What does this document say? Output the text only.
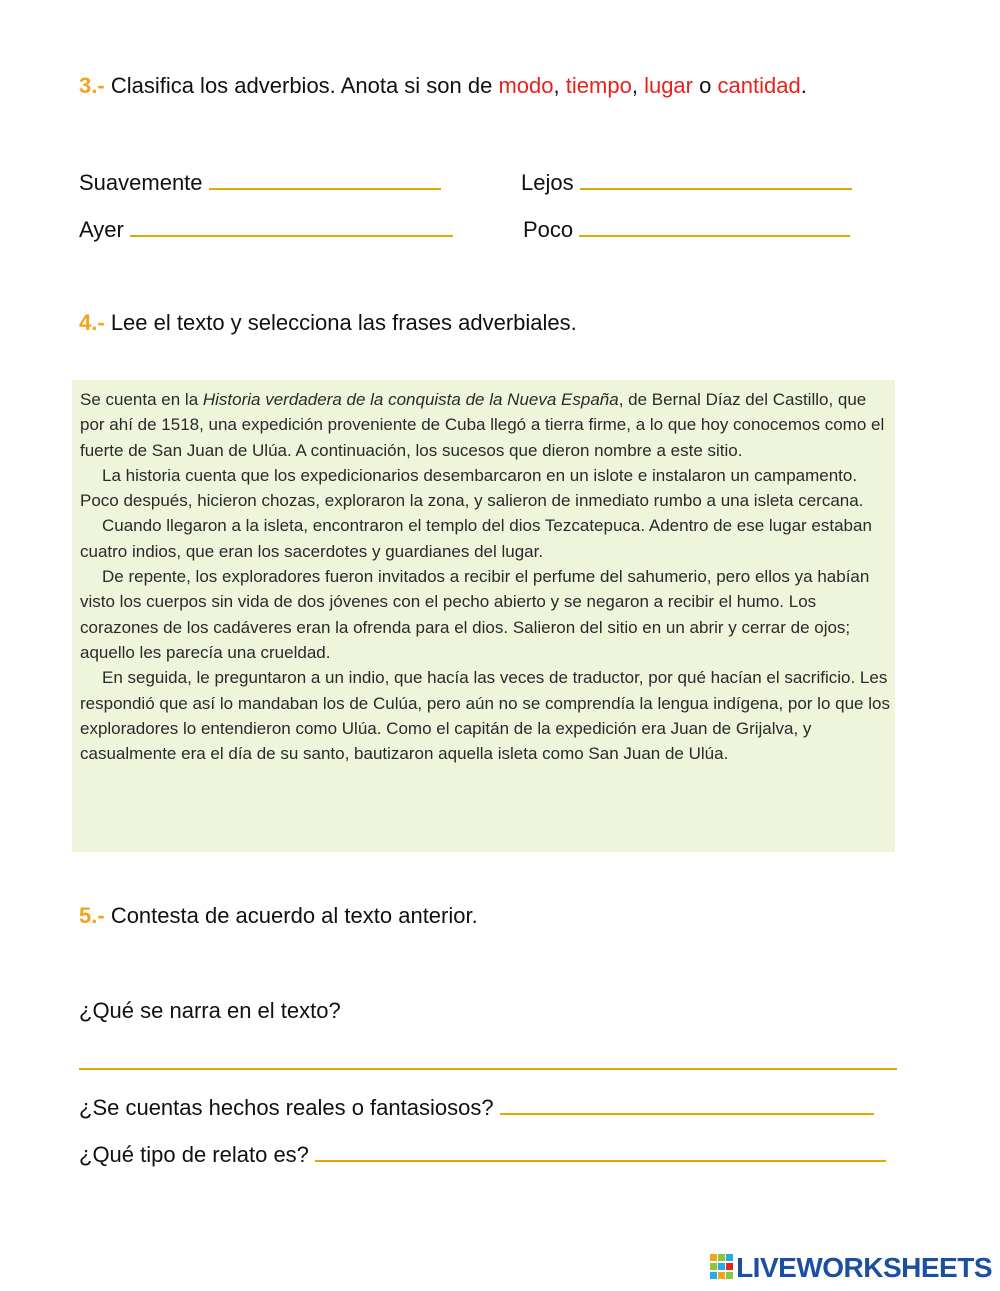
3.- Clasifica los adverbios. Anota si son de modo, tiempo, lugar o cantidad.
Suavemente	Lejos
Ayer	Poco
4.- Lee el texto y selecciona las frases adverbiales.

Se cuenta en la Historia verdadera de la conquista de la Nueva España, de Bernal Díaz del Castillo, que por ahí de 1518, una expedición proveniente de Cuba llegó a tierra firme, a lo que hoy conocemos como el fuerte de San Juan de Ulúa. A continuación, los sucesos que dieron nombre a este sitio.

La historia cuenta que los expedicionarios desembarcaron en un islote e instalaron un campamento. Poco después, hicieron chozas, exploraron la zona, y salieron de inmediato rumbo a una isleta cercana.

Cuando llegaron a la isleta, encontraron el templo del dios Tezcatepuca. Adentro de ese lugar estaban cuatro indios, que eran los sacerdotes y guardianes del lugar.

De repente, los exploradores fueron invitados a recibir el perfume del sahumerio, pero ellos ya habían visto los cuerpos sin vida de dos jóvenes con el pecho abierto y se negaron a recibir el humo. Los corazones de los cadáveres eran la ofrenda para el dios. Salieron del sitio en un abrir y cerrar de ojos; aquello les parecía una crueldad.

En seguida, le preguntaron a un indio, que hacía las veces de traductor, por qué hacían el sacrificio. Les respondió que así lo mandaban los de Culúa, pero aún no se comprendía la lengua indígena, por lo que los exploradores lo entendieron como Ulúa. Como el capitán de la expedición era Juan de Grijalva, y casualmente era el día de su santo, bautizaron aquella isleta como San Juan de Ulúa.

5.- Contesta de acuerdo al texto anterior.
¿Qué se narra en el texto?
¿Se cuentas hechos reales o fantasiosos?
¿Qué tipo de relato es?
LIVEWORKSHEETS
